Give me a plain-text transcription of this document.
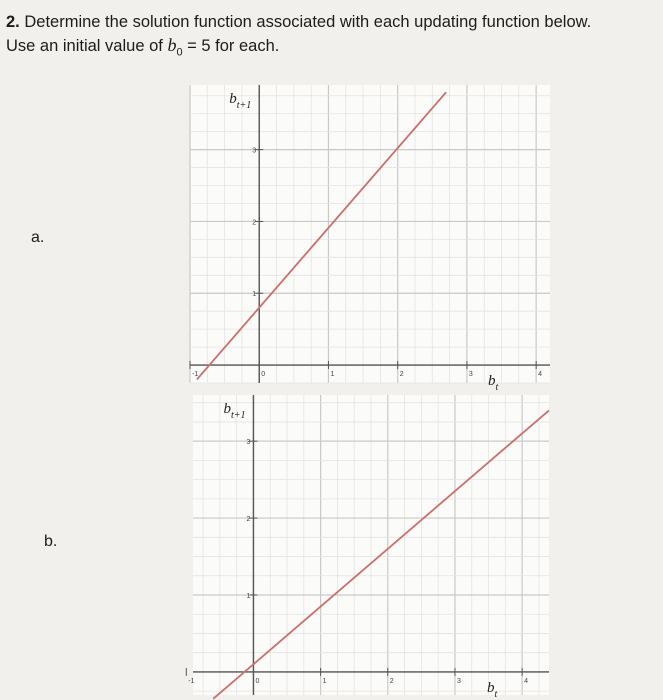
2. Determine the solution function associated with each updating function below.
Use an initial value of $b_0 = 5$ for each.
a.
b.
-1	0	1	2	3	4
1
2
3
$b_{t+1}$
$b_t$
-1	0	1	2	3	4
1
2
3
$b_{t+1}$
$b_t$
